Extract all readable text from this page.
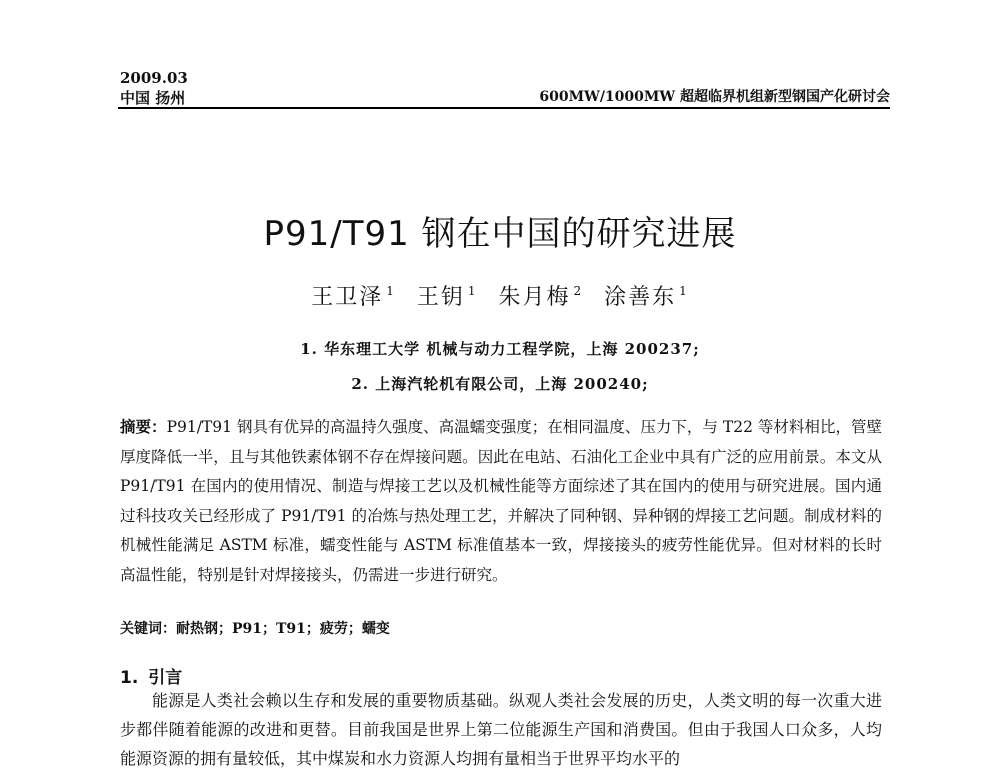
2009.03
中国 扬州	600MW/1000MW 超超临界机组新型钢国产化研讨会
P91/T91 钢在中国的研究进展
王卫泽 $^1$ 王钥 $^1$ 朱月梅 $^2$ 涂善东 $^1$
1. 华东理工大学 机械与动力工程学院，上海 200237;
2. 上海汽轮机有限公司，上海 200240;
摘要：P91/T91 钢具有优异的高温持久强度、高温蠕变强度；在相同温度、压力下，与 T22 等材料相比，管壁厚度降低一半，且与其他铁素体钢不存在焊接问题。因此在电站、石油化工企业中具有广泛的应用前景。本文从 P91/T91 在国内的使用情况、制造与焊接工艺以及机械性能等方面综述了其在国内的使用与研究进展。国内通过科技攻关已经形成了 P91/T91 的冶炼与热处理工艺，并解决了同种钢、异种钢的焊接工艺问题。制成材料的机械性能满足 ASTM 标准，蠕变性能与 ASTM 标准值基本一致，焊接接头的疲劳性能优异。但对材料的长时高温性能，特别是针对焊接接头，仍需进一步进行研究。
关键词：耐热钢；P91；T91；疲劳；蠕变
1. 引言
能源是人类社会赖以生存和发展的重要物质基础。纵观人类社会发展的历史，人类文明的每一次重大进步都伴随着能源的改进和更替。目前我国是世界上第二位能源生产国和消费国。但由于我国人口众多，人均能源资源的拥有量较低，其中煤炭和水力资源人均拥有量相当于世界平均水平的
